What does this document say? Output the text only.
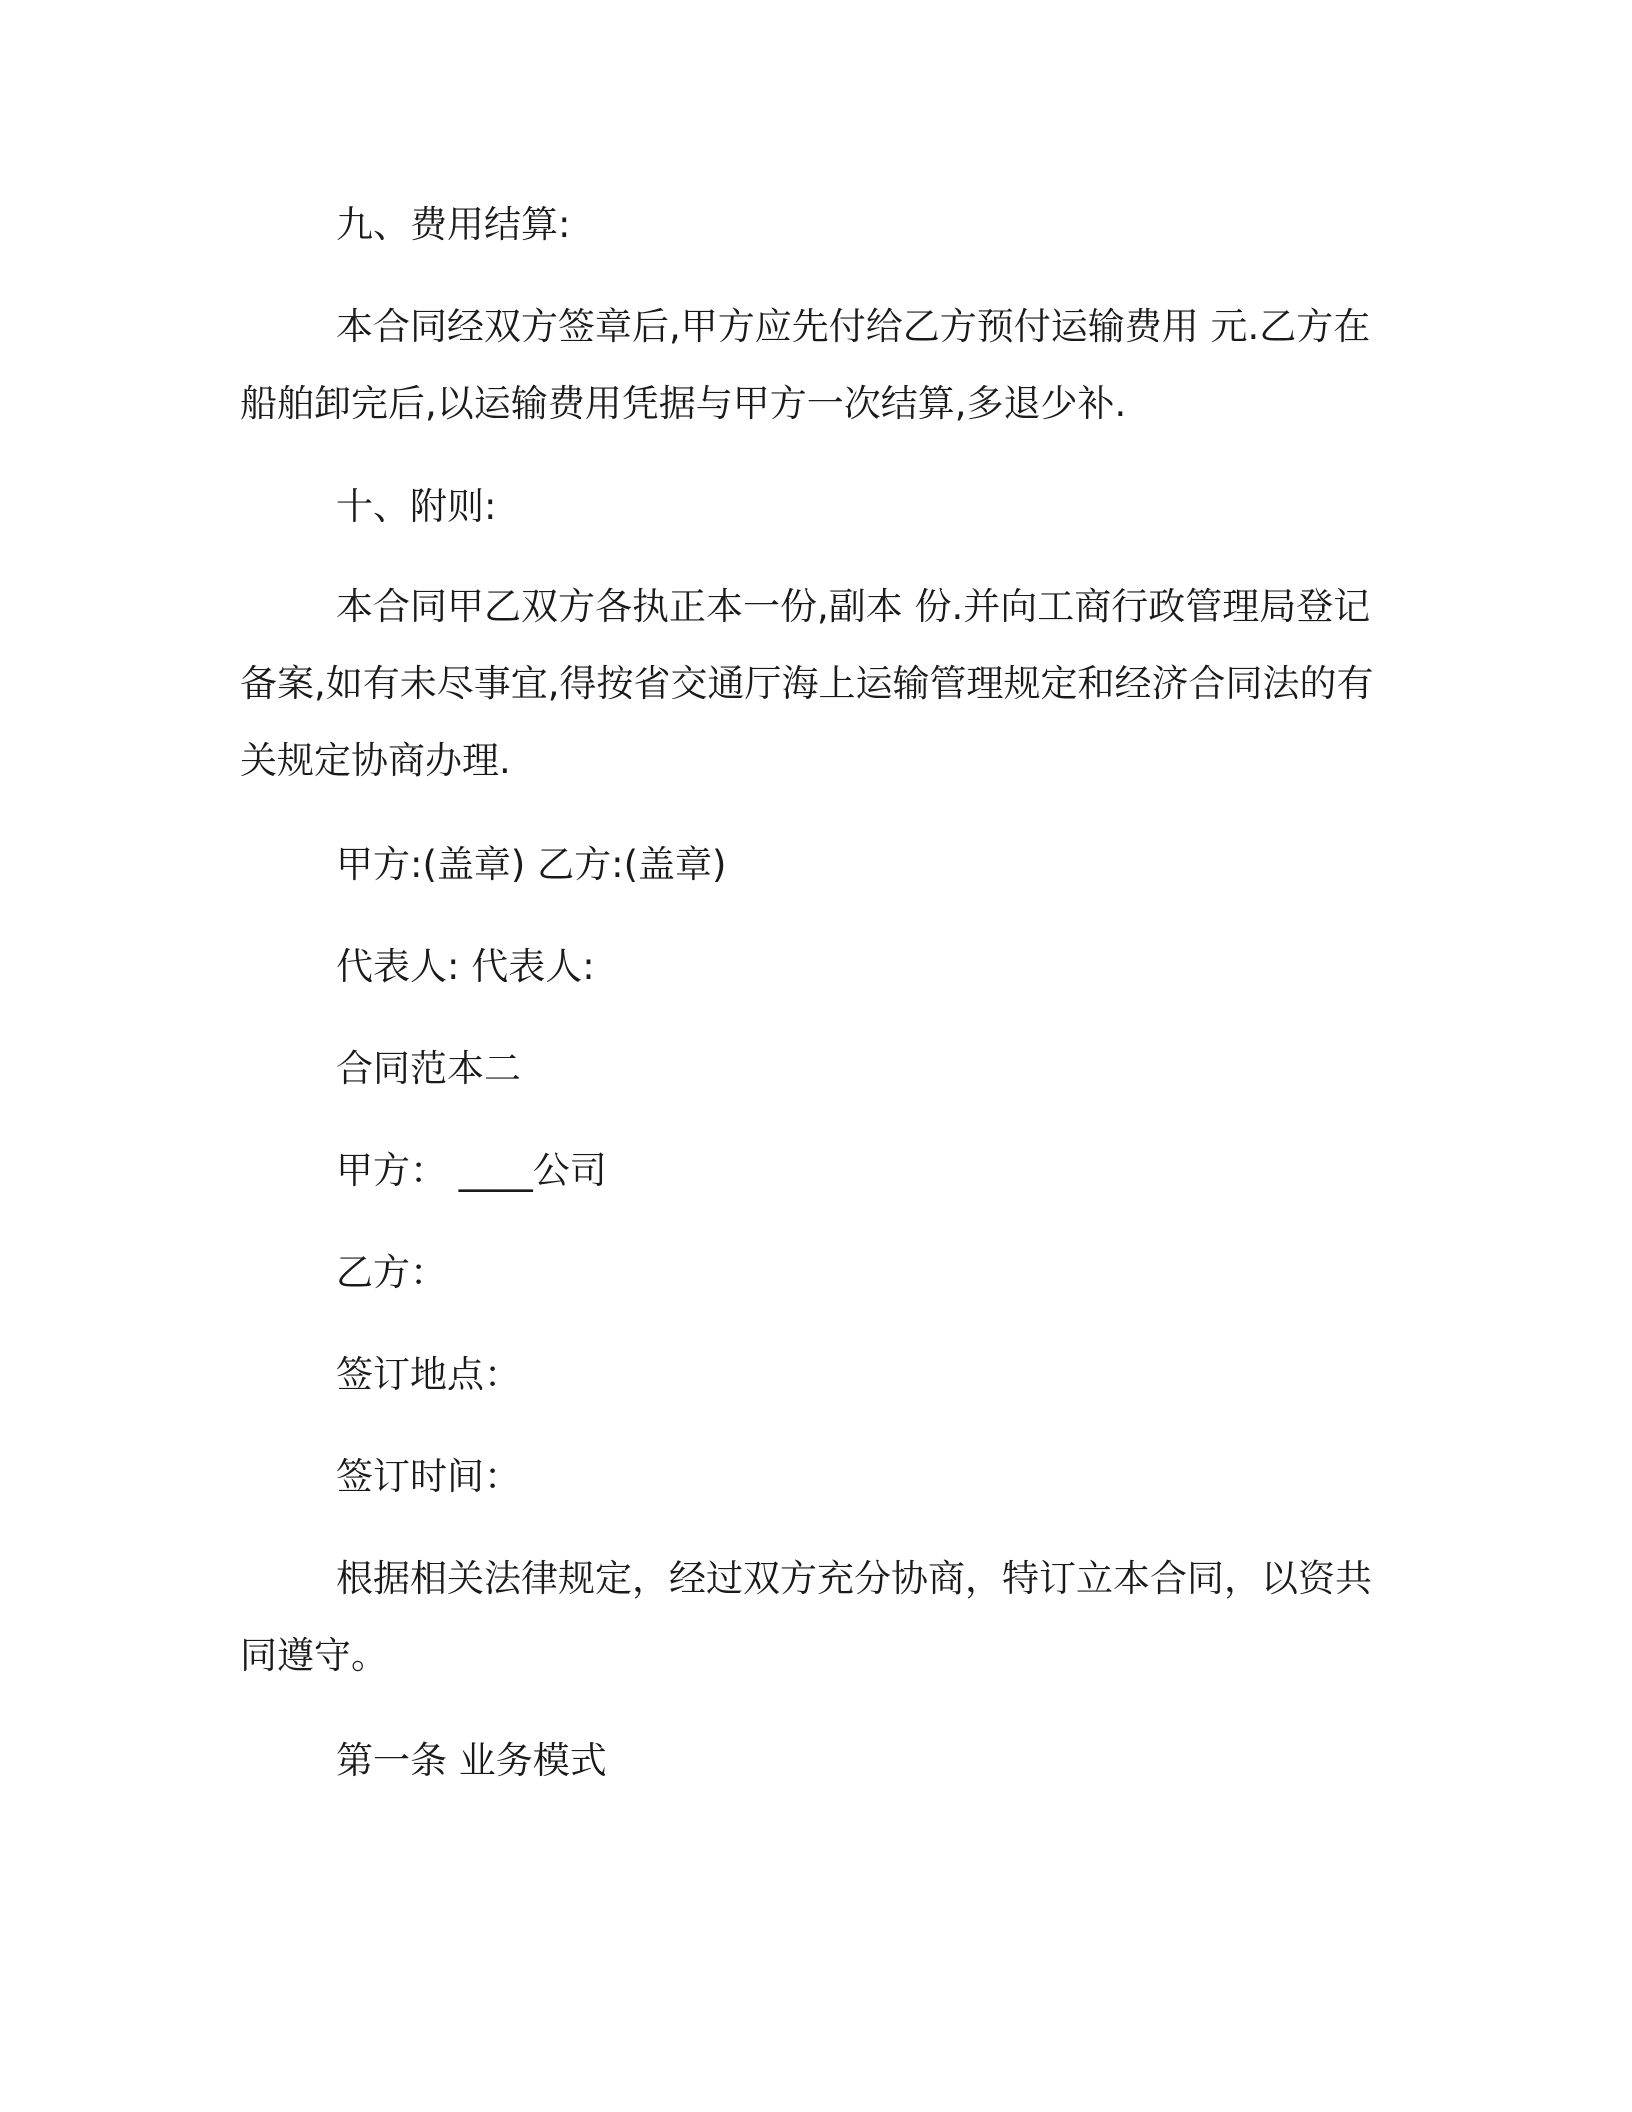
九、费用结算:
本合同经双方签章后,甲方应先付给乙方预付运输费用 元.乙方在
船舶卸完后,以运输费用凭据与甲方一次结算,多退少补.
十、附则:
本合同甲乙双方各执正本一份,副本 份.并向工商行政管理局登记
备案,如有未尽事宜,得按省交通厅海上运输管理规定和经济合同法的有
关规定协商办理.
甲方:(盖章) 乙方:(盖章)
代表人: 代表人:
合同范本二
甲方： ____公司
乙方：
签订地点：
签订时间：
根据相关法律规定，经过双方充分协商，特订立本合同，以资共
同遵守。
第一条 业务模式
